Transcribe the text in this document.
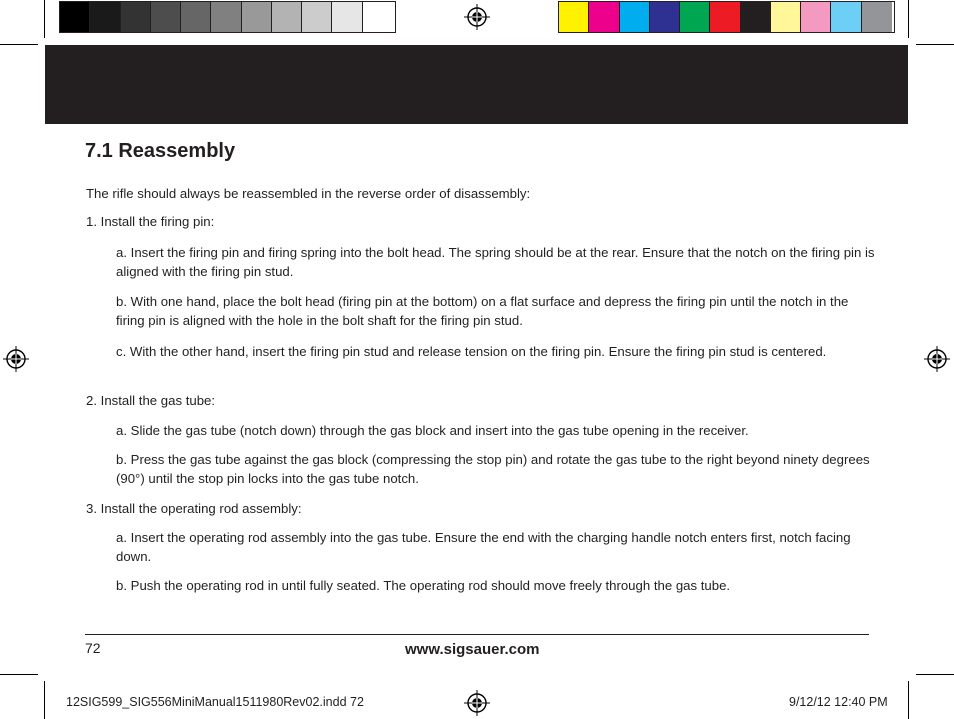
7.1 Reassembly

The rifle should always be reassembled in the reverse order of disassembly:

1. Install the firing pin:

a. Insert the firing pin and firing spring into the bolt head. The spring should be at the rear. Ensure that the notch on the firing pin is aligned with the firing pin stud.

b. With one hand, place the bolt head (firing pin at the bottom) on a flat surface and depress the firing pin until the notch in the firing pin is aligned with the hole in the bolt shaft for the firing pin stud.

c. With the other hand, insert the firing pin stud and release tension on the firing pin. Ensure the firing pin stud is centered.

2. Install the gas tube:

a. Slide the gas tube (notch down) through the gas block and insert into the gas tube opening in the receiver.

b. Press the gas tube against the gas block (compressing the stop pin) and rotate the gas tube to the right beyond ninety degrees (90°) until the stop pin locks into the gas tube notch.

3. Install the operating rod assembly:

a. Insert the operating rod assembly into the gas tube. Ensure the end with the charging handle notch enters first, notch facing down.

b. Push the operating rod in until fully seated. The operating rod should move freely through the gas tube.

72	www.sigsauer.com
12SIG599_SIG556MiniManual1511980Rev02.indd 72	9/12/12 12:40 PM
